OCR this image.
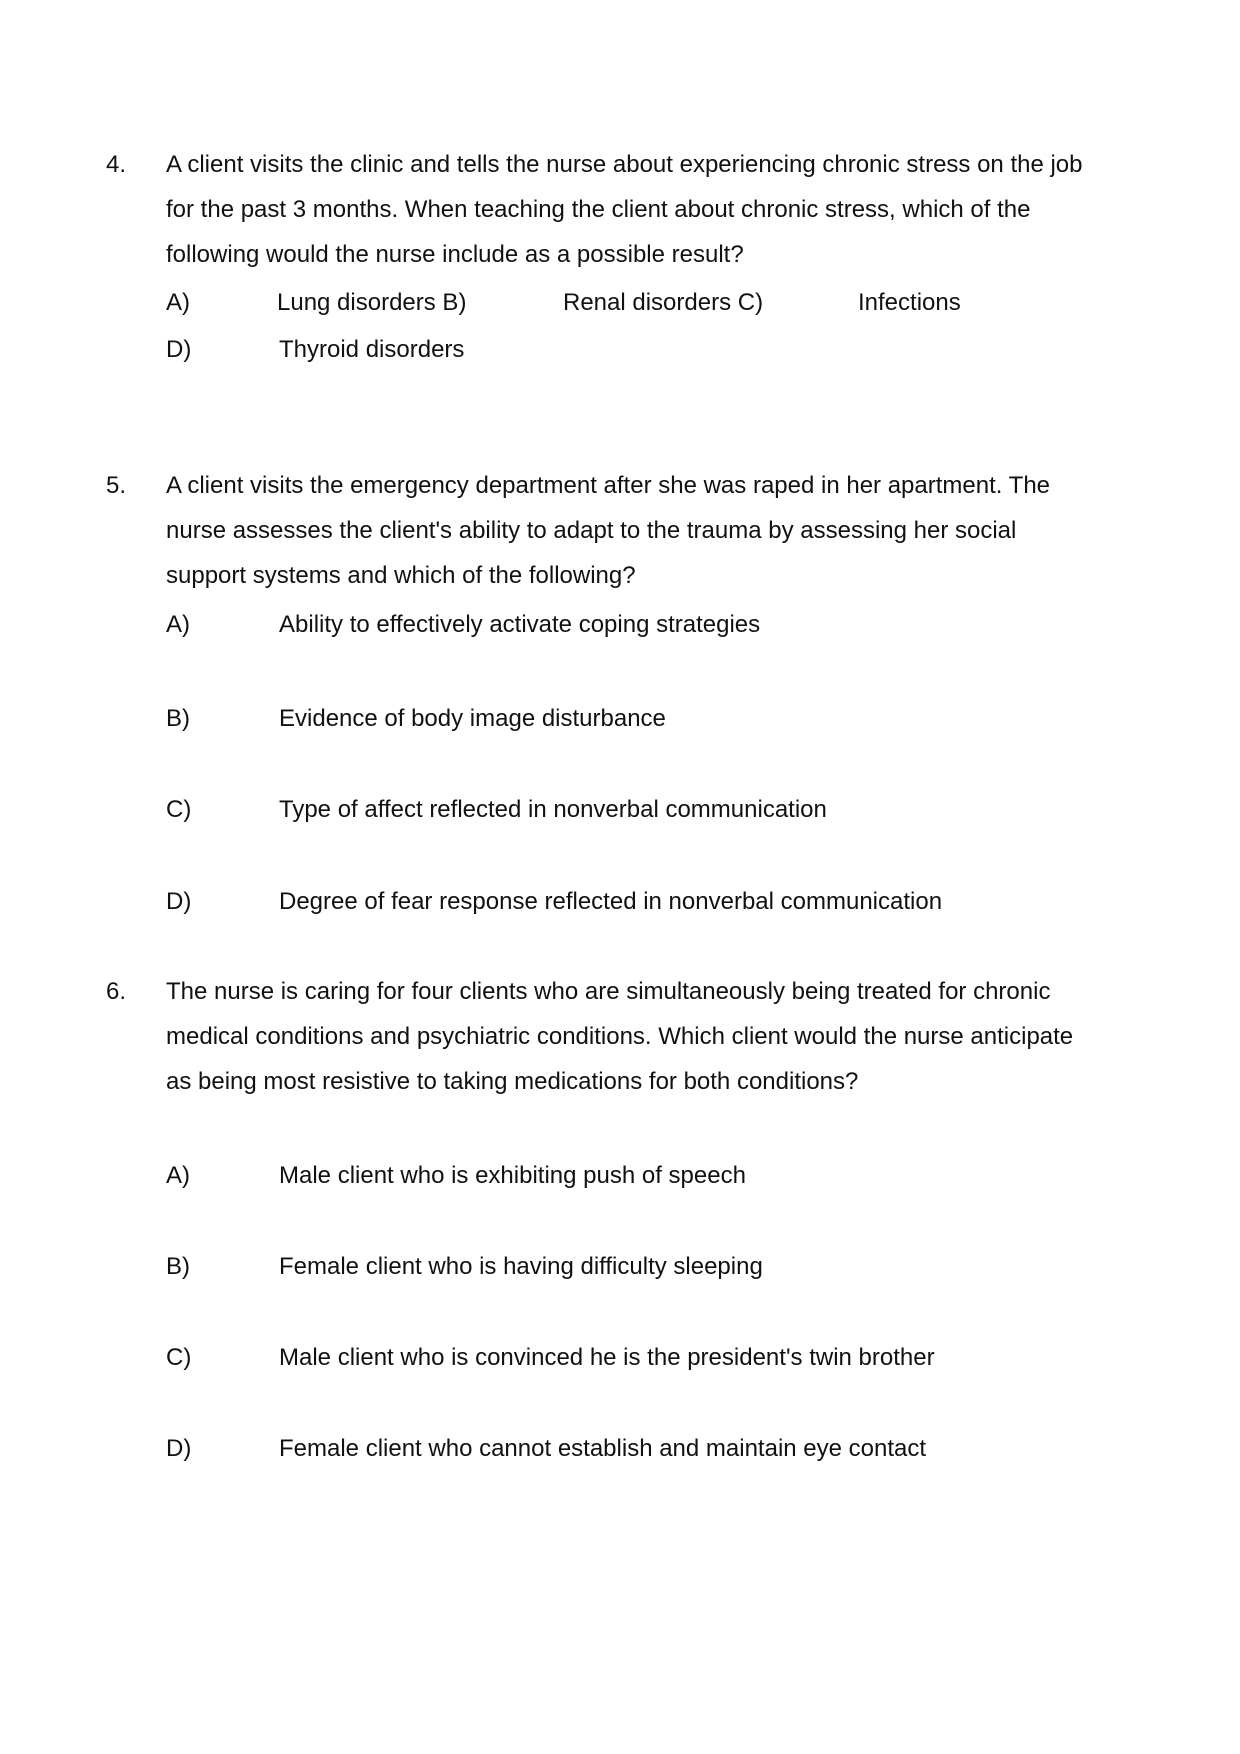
4. A client visits the clinic and tells the nurse about experiencing chronic stress on the job for the past 3 months. When teaching the client about chronic stress, which of the following would the nurse include as a possible result?
A)	Lung disorders B)	Renal disorders C)	Infections
D)	Thyroid disorders
5. A client visits the emergency department after she was raped in her apartment. The nurse assesses the client's ability to adapt to the trauma by assessing her social support systems and which of the following?
A)	Ability to effectively activate coping strategies
B)	Evidence of body image disturbance
C)	Type of affect reflected in nonverbal communication
D)	Degree of fear response reflected in nonverbal communication
6. The nurse is caring for four clients who are simultaneously being treated for chronic medical conditions and psychiatric conditions. Which client would the nurse anticipate as being most resistive to taking medications for both conditions?
A)	Male client who is exhibiting push of speech
B)	Female client who is having difficulty sleeping
C)	Male client who is convinced he is the president's twin brother
D)	Female client who cannot establish and maintain eye contact
